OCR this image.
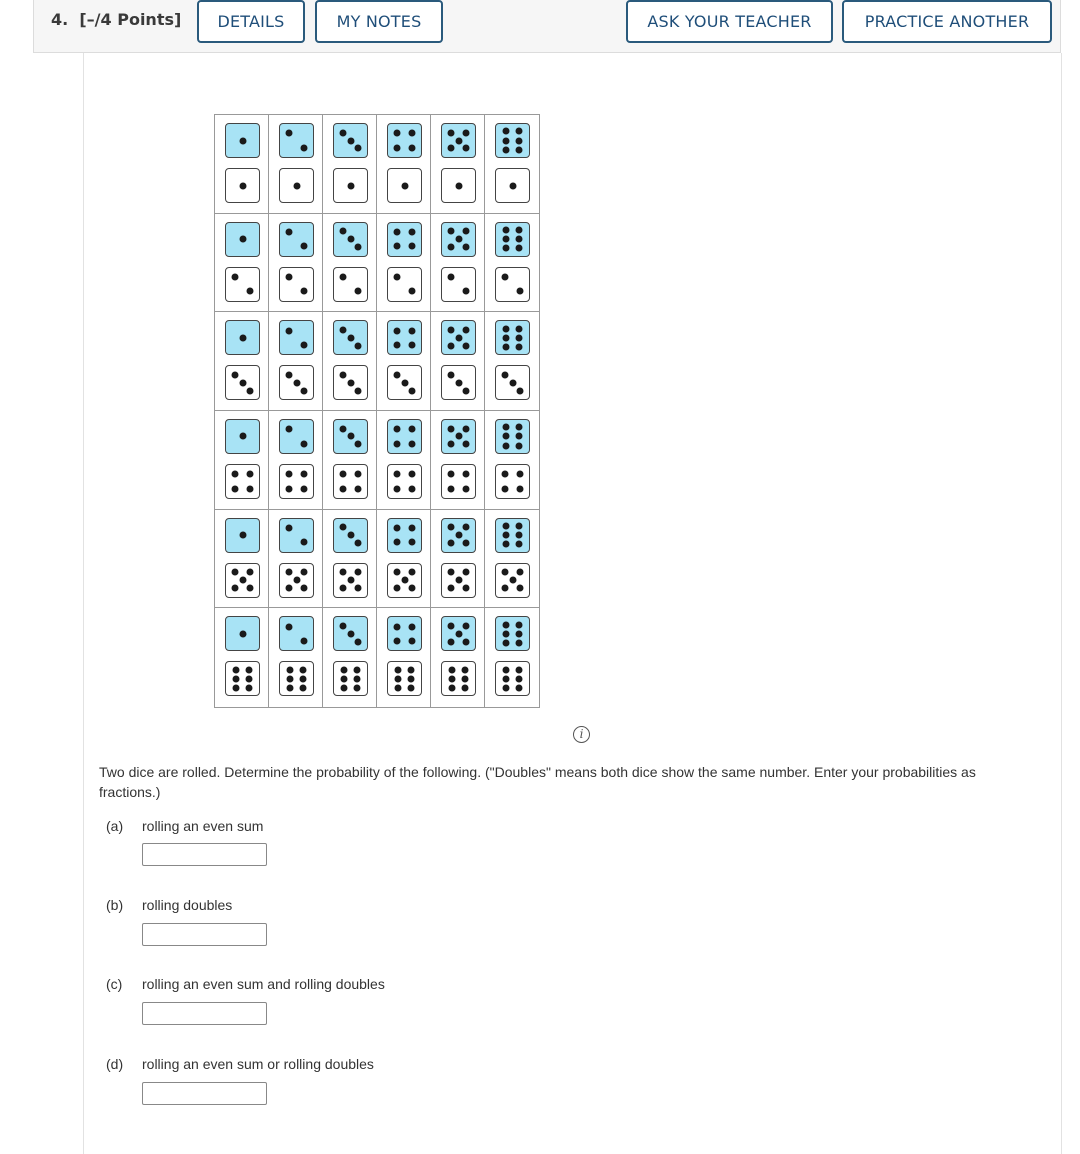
4. [–/4 Points]	DETAILS	MY NOTES	ASK YOUR TEACHER	PRACTICE ANOTHER
i
Two dice are rolled. Determine the probability of the following. ("Doubles" means both dice show the same number. Enter your probabilities as fractions.)
(a) rolling an even sum
(b) rolling doubles
(c) rolling an even sum and rolling doubles
(d) rolling an even sum or rolling doubles
